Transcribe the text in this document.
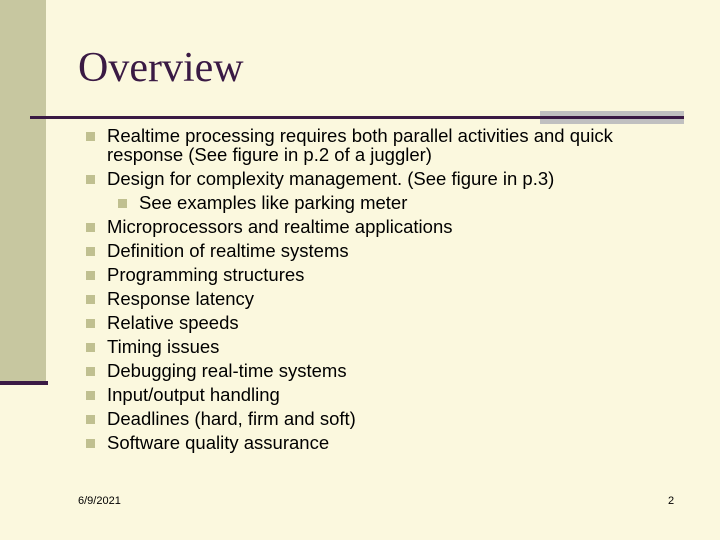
Overview
Realtime processing requires both parallel activities and quick response (See figure in p.2 of a juggler)
Design for complexity management. (See figure in p.3)
See examples like parking meter
Microprocessors and realtime applications
Definition of realtime systems
Programming structures
Response latency
Relative speeds
Timing issues
Debugging real-time systems
Input/output handling
Deadlines (hard, firm and soft)
Software quality assurance
6/9/2021	2
